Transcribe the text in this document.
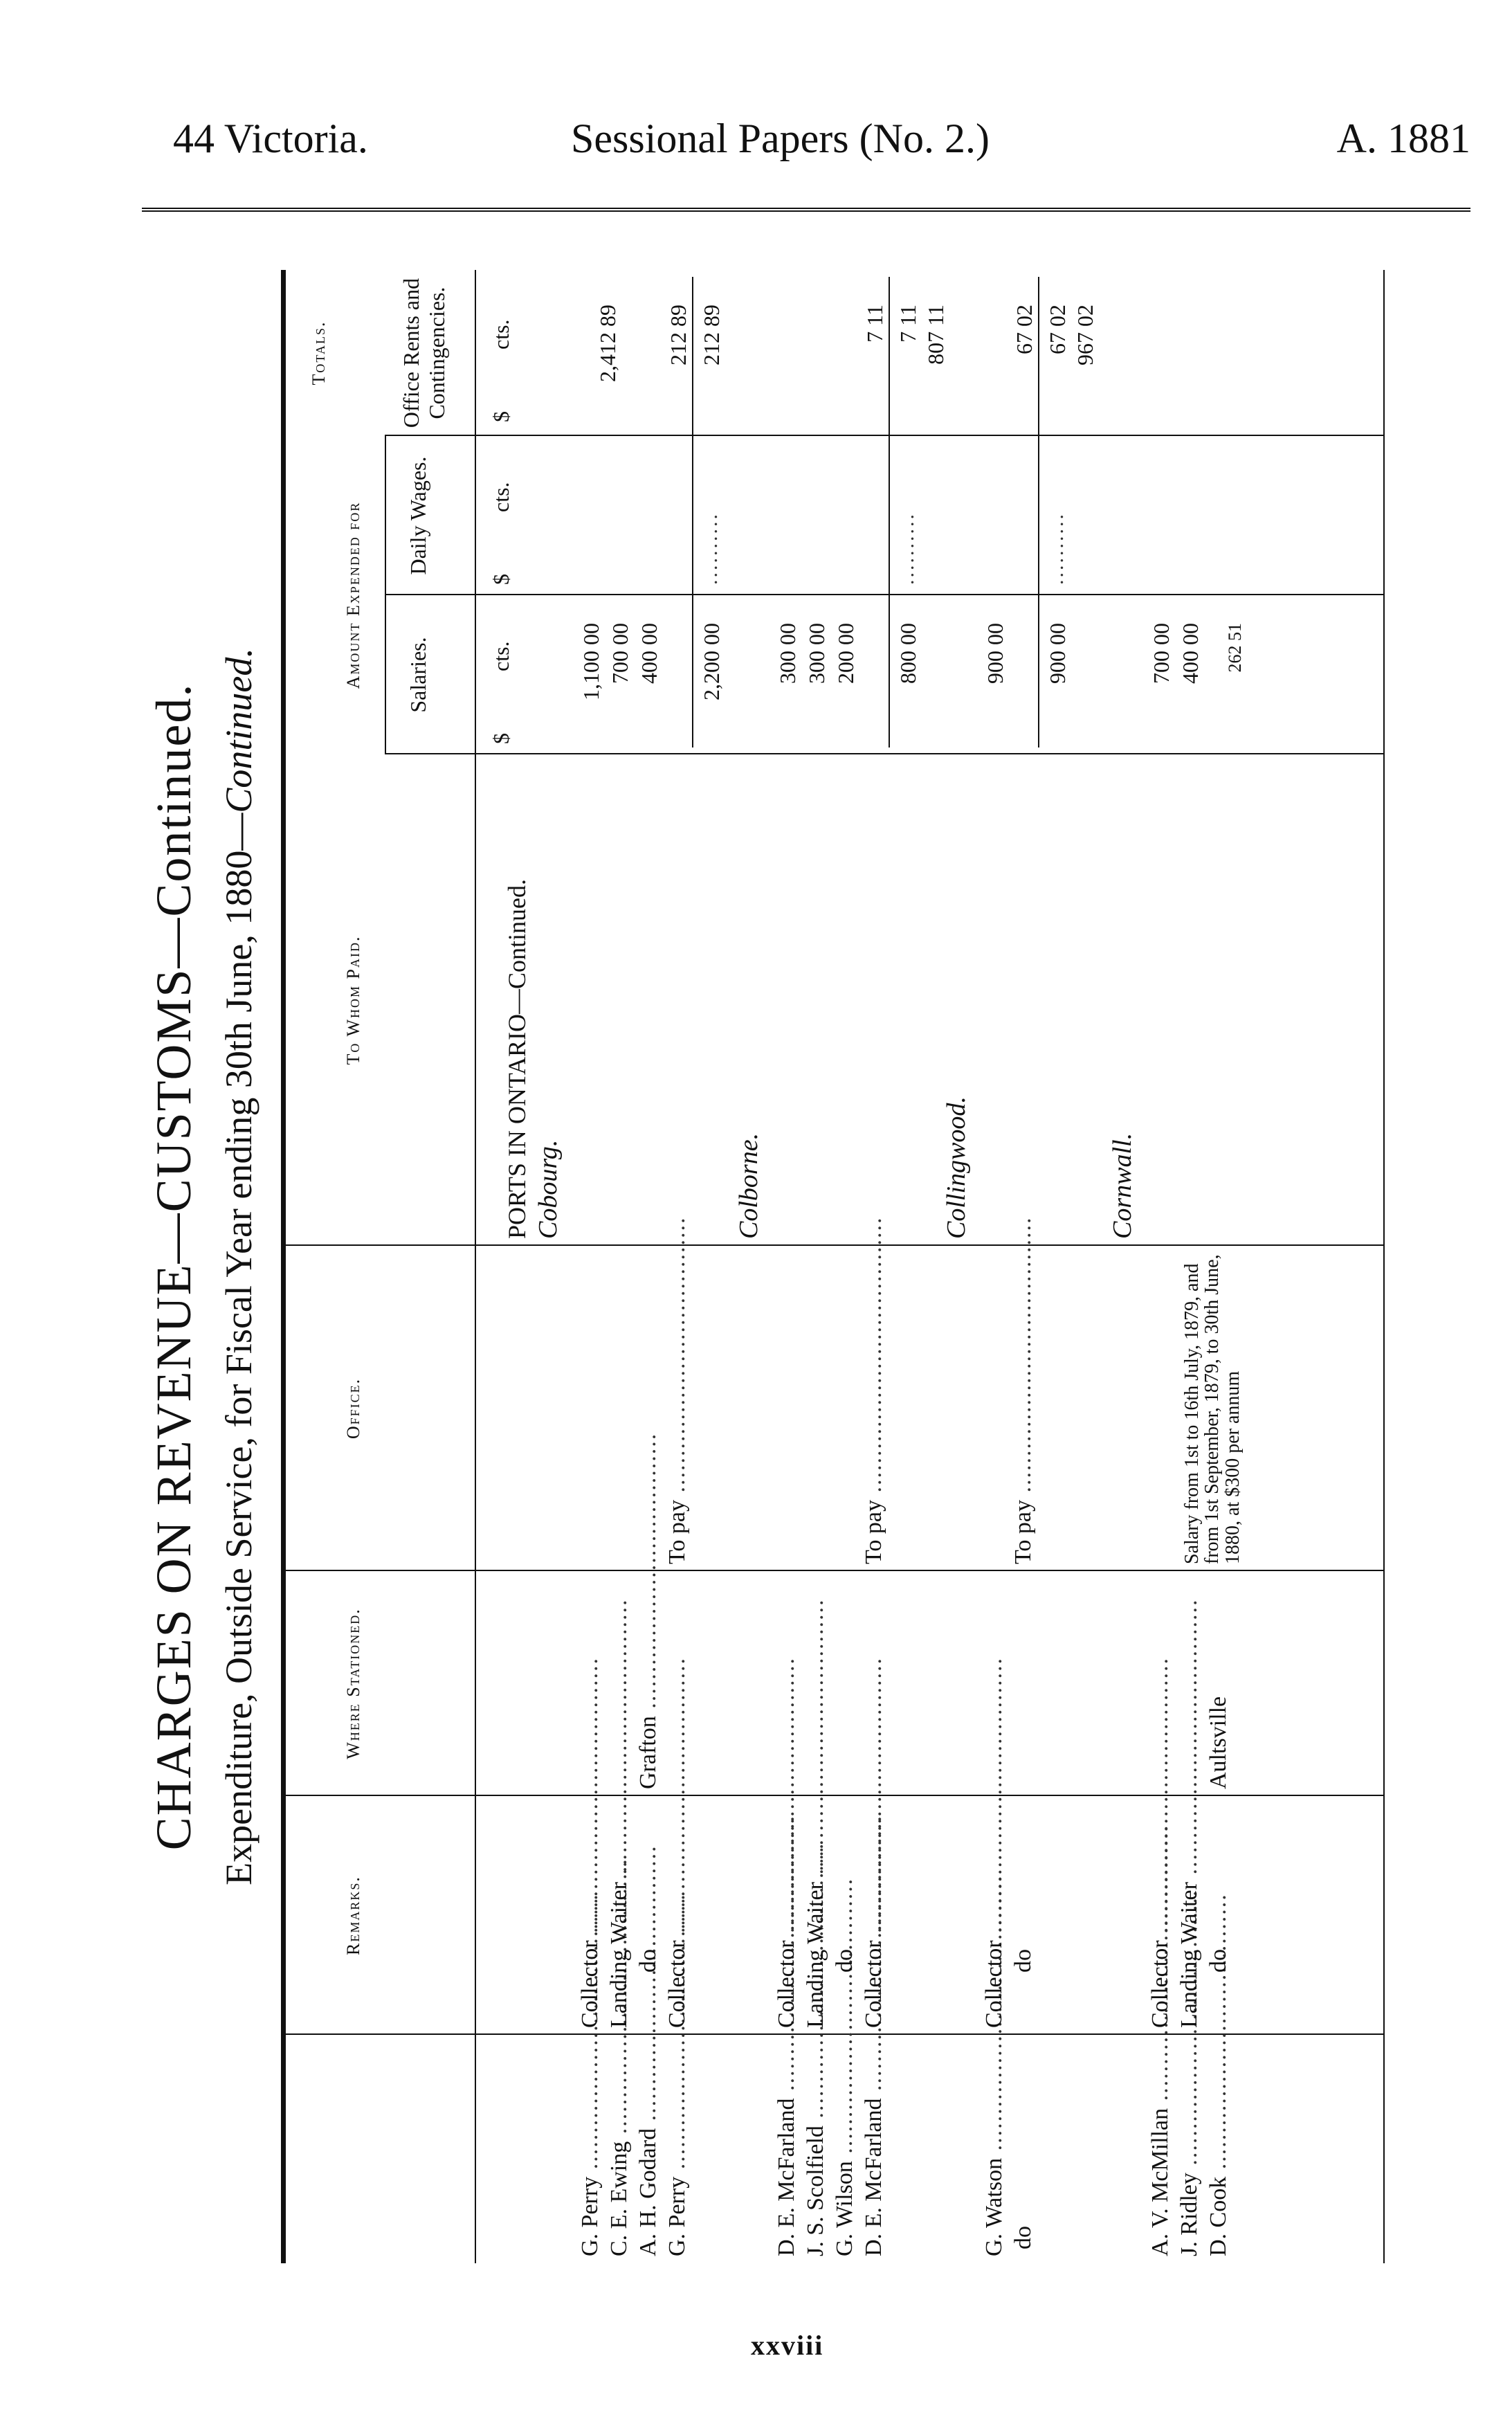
44 Victoria.	Sessional Papers (No. 2.)	A. 1881
CHARGES ON REVENUE—CUSTOMS—Continued. Expenditure, Outside Service, for Fiscal Year ending 30th June, 1880—Continued.
To Whom Paid.
Office.
Where Stationed.
Remarks.
Amount Expended for Salaries.
Daily Wages.
Office Rents and Contingencies.
Totals.
$
cts.
$
cts.
$
cts.
PORTS IN ONTARIO—Continued. Cobourg.
G. Perry .....
Collector .....
1,100 00
C. E. Ewing .....
Landing Waiter .....
700 00
A. H. Godard .....
do
Grafton .....
400 00
G. Perry .....
Collector .....
To pay .....
212 89
2,200 00
..........
212 89
2,412 89
Colborne.
D. E. McFarland .....
Collector .....
300 00
J. S. Scolfield .....
Landing Waiter .....
300 00
G. Wilson .....
do
200 00
D. E. McFarland .....
Collector .....
To pay .....
7 11
800 00
..........
7 11 807 11
Collingwood.
G. Watson .....
Collector .....
900 00
do
do
To pay .....
67 02
900 00
..........
67 02 967 02
Cornwall.
A. V. McMillan .....
Collector .....
700 00
J. Ridley .....
Landing Waiter .....
400 00
D. Cook .....
do
Aultsville
Salary from 1st to 16th July, 1879, and from 1st September, 1879, to 30th June, 1880, at $300 per annum
262 51
xxviii
